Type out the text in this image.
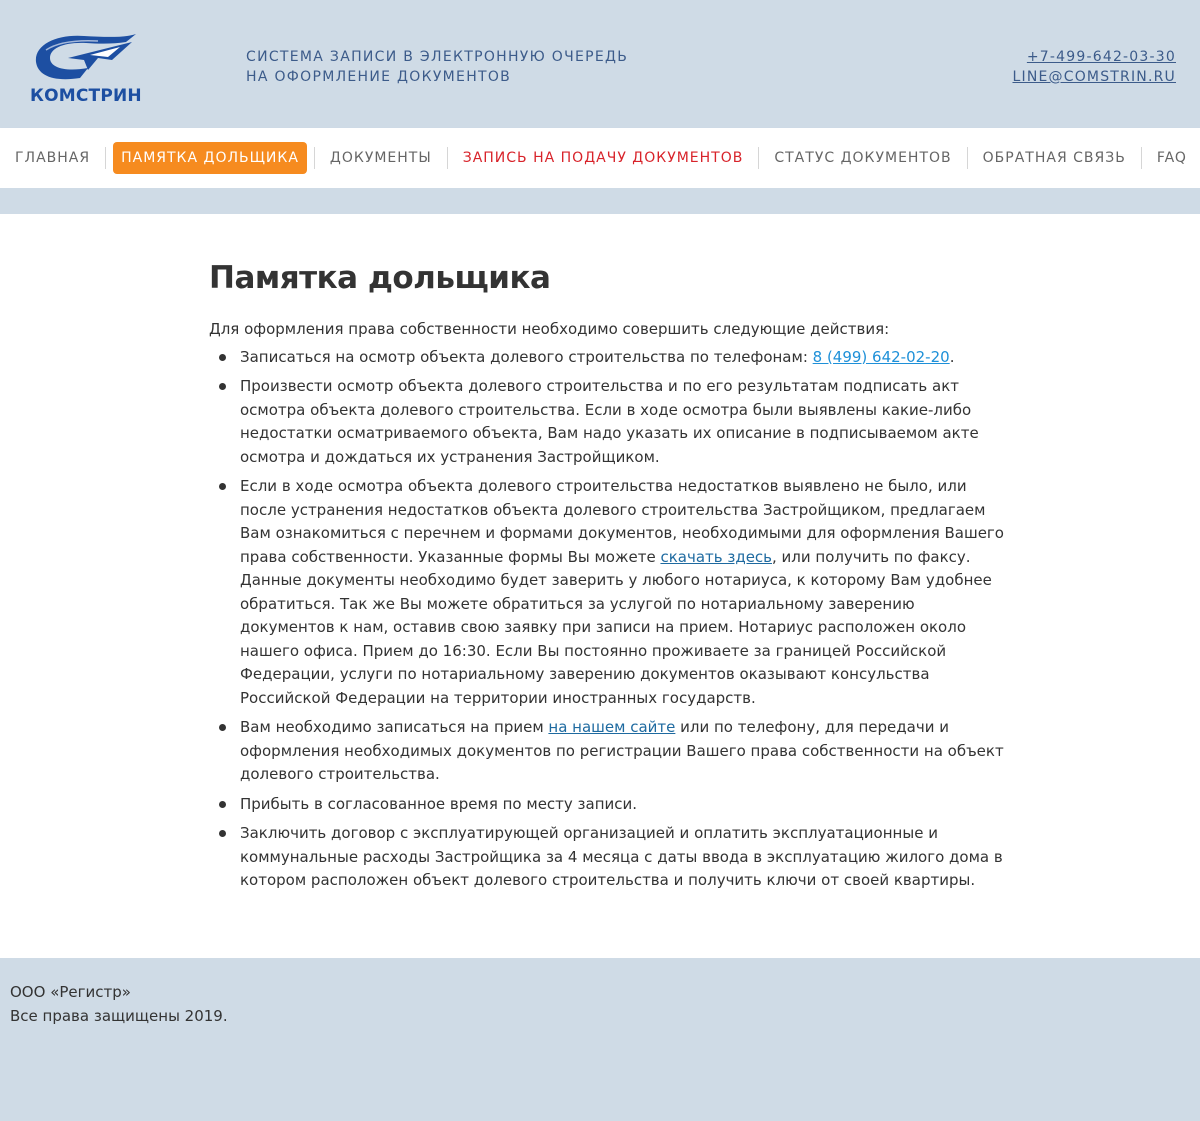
КОМСТРИН
СИСТЕМА ЗАПИСИ В ЭЛЕКТРОННУЮ ОЧЕРЕДЬ
НА ОФОРМЛЕНИЕ ДОКУМЕНТОВ
+7-499-642-03-30
LINE@COMSTRIN.RU
ГЛАВНАЯ ПАМЯТКА ДОЛЬЩИКА ДОКУМЕНТЫ ЗАПИСЬ НА ПОДАЧУ ДОКУМЕНТОВ СТАТУС ДОКУМЕНТОВ ОБРАТНАЯ СВЯЗЬ FAQ
Памятка дольщика

Для оформления права собственности необходимо совершить следующие действия:

Записаться на осмотр объекта долевого строительства по телефонам: 8 (499) 642-02-20.
Произвести осмотр объекта долевого строительства и по его результатам подписать акт осмотра объекта долевого строительства. Если в ходе осмотра были выявлены какие-либо недостатки осматриваемого объекта, Вам надо указать их описание в подписываемом акте осмотра и дождаться их устранения Застройщиком.
Если в ходе осмотра объекта долевого строительства недостатков выявлено не было, или после устранения недостатков объекта долевого строительства Застройщиком, предлагаем Вам ознакомиться с перечнем и формами документов, необходимыми для оформления Вашего права собственности. Указанные формы Вы можете скачать здесь, или получить по факсу. Данные документы необходимо будет заверить у любого нотариуса, к которому Вам удобнее обратиться. Так же Вы можете обратиться за услугой по нотариальному заверению документов к нам, оставив свою заявку при записи на прием. Нотариус расположен около нашего офиса. Прием до 16:30. Если Вы постоянно проживаете за границей Российской Федерации, услуги по нотариальному заверению документов оказывают консульства Российской Федерации на территории иностранных государств.
Вам необходимо записаться на прием на нашем сайте или по телефону, для передачи и оформления необходимых документов по регистрации Вашего права собственности на объект долевого строительства.
Прибыть в согласованное время по месту записи.
Заключить договор с эксплуатирующей организацией и оплатить эксплуатационные и коммунальные расходы Застройщика за 4 месяца с даты ввода в эксплуатацию жилого дома в котором расположен объект долевого строительства и получить ключи от своей квартиры.
ООО «Регистр»
Все права защищены 2019.
